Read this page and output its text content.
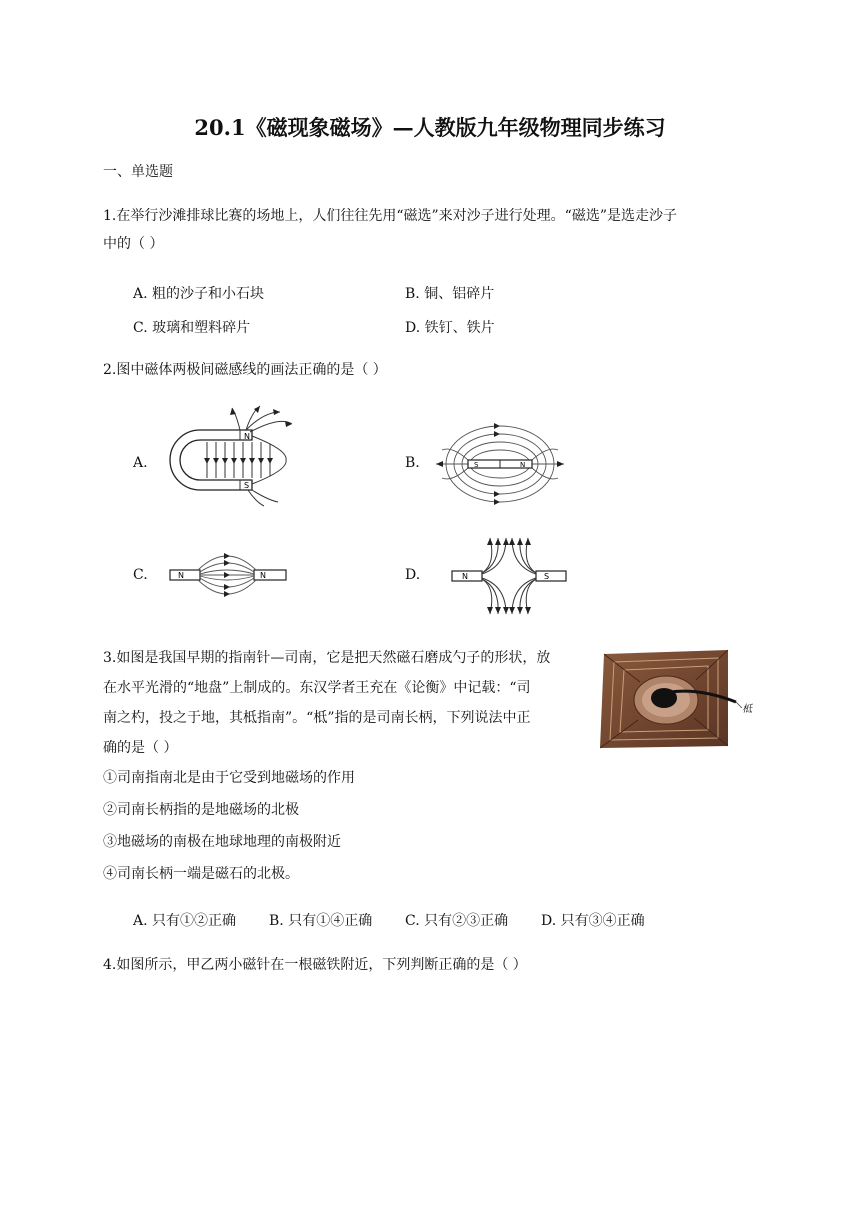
20.1《磁现象磁场》—人教版九年级物理同步练习
一、单选题
1.在举行沙滩排球比赛的场地上，人们往往先用“磁选”来对沙子进行处理。“磁选”是选走沙子
中的（ ）
A. 粗的沙子和小石块	B. 铜、铝碎片
C. 玻璃和塑料碎片	D. 铁钉、铁片
2.图中磁体两极间磁感线的画法正确的是（ ）
A.
N
S
B.	S	N
C.	N	N	D.	N	S
3.如图是我国早期的指南针—司南，它是把天然磁石磨成勺子的形状，放
在水平光滑的“地盘”上制成的。东汉学者王充在《论衡》中记载：“司
南之杓，投之于地，其柢指南”。“柢”指的是司南长柄，下列说法中正
确的是（ ）
①司南指南北是由于它受到地磁场的作用
②司南长柄指的是地磁场的北极
③地磁场的南极在地球地理的南极附近
④司南长柄一端是磁石的北极。
柢
A. 只有①②正确 B. 只有①④正确 C. 只有②③正确 D. 只有③④正确
4.如图所示，甲乙两小磁针在一根磁铁附近，下列判断正确的是（ ）
